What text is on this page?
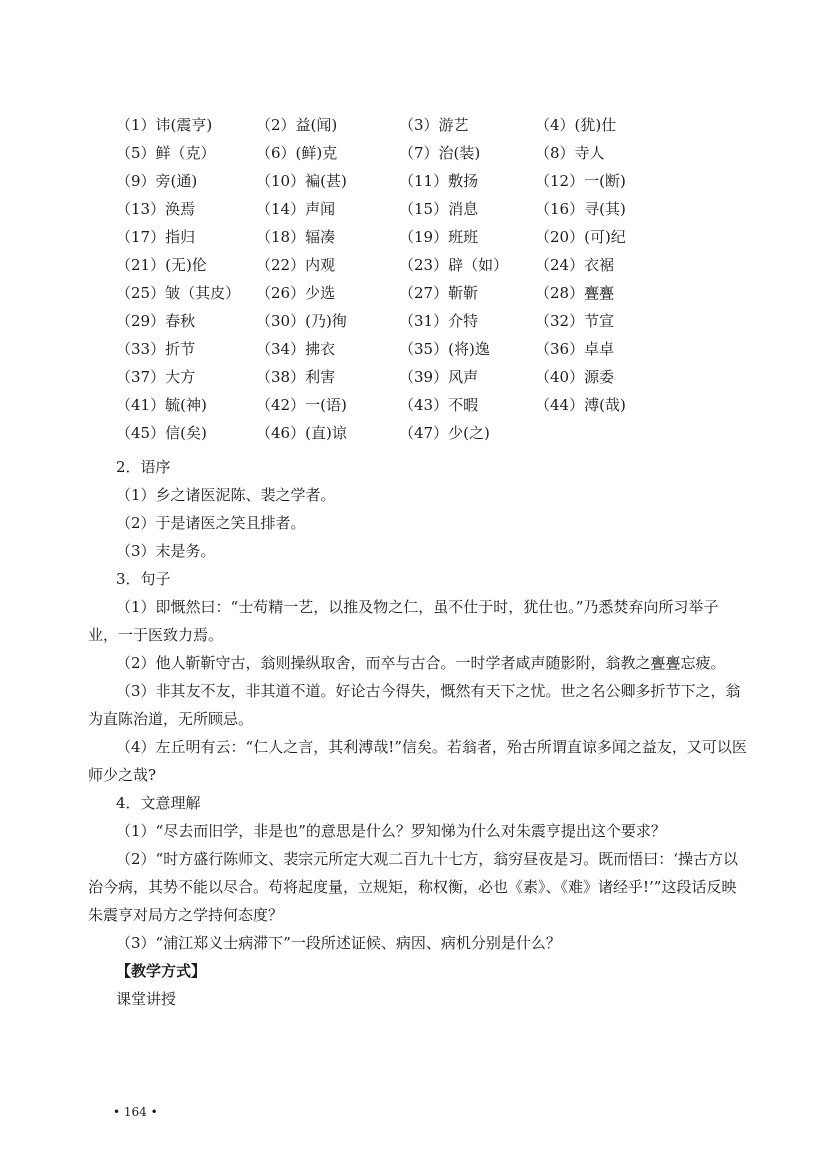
（1）讳(震亨)	（2）益(闻)	（3）游艺	（4）(犹)仕
（5）鲜（克）	（6）(鲜)克	（7）治(装)	（8）寺人
（9）旁(通)	（10）褊(甚)	（11）敷扬	（12）一(断)
（13）涣焉	（14）声闻	（15）消息	（16）寻(其)
（17）指归	（18）辐凑	（19）班班	（20）(可)纪
（21）(无)伦	（22）内观	（23）辟（如）	（24）衣裾
（25）皱（其皮）	（26）少选	（27）靳靳	（28）亹亹
（29）春秋	（30）(乃)徇	（31）介特	（32）节宣
（33）折节	（34）拂衣	（35）(将)逸	（36）卓卓
（37）大方	（38）利害	（39）风声	（40）源委
（41）毓(神)	（42）一(语)	（43）不暇	（44）溥(哉)
（45）信(矣)	（46）(直)谅	（47）少(之)

2．语序

（1）乡之诸医泥陈、裴之学者。

（2）于是诸医之笑且排者。

（3）末是务。

3．句子

（1）即慨然曰：“士苟精一艺，以推及物之仁，虽不仕于时，犹仕也。”乃悉焚弃向所习举子业，一于医致力焉。

（2）他人靳靳守古，翁则操纵取舍，而卒与古合。一时学者咸声随影附，翁教之亹亹忘疲。

（3）非其友不友，非其道不道。好论古今得失，慨然有天下之忧。世之名公卿多折节下之，翁为直陈治道，无所顾忌。

（4）左丘明有云：“仁人之言，其利溥哉!”信矣。若翁者，殆古所谓直谅多闻之益友，又可以医师少之哉?

4．文意理解

（1）“尽去而旧学，非是也”的意思是什么？罗知悌为什么对朱震亨提出这个要求？

（2）“时方盛行陈师文、裴宗元所定大观二百九十七方，翁穷昼夜是习。既而悟曰：‘操古方以治今病，其势不能以尽合。苟将起度量，立规矩，称权衡，必也《素》、《难》诸经乎!’”这段话反映朱震亨对局方之学持何态度？

（3）“浦江郑义士病滞下”一段所述证候、病因、病机分别是什么？

【教学方式】

课堂讲授

• 164 •
